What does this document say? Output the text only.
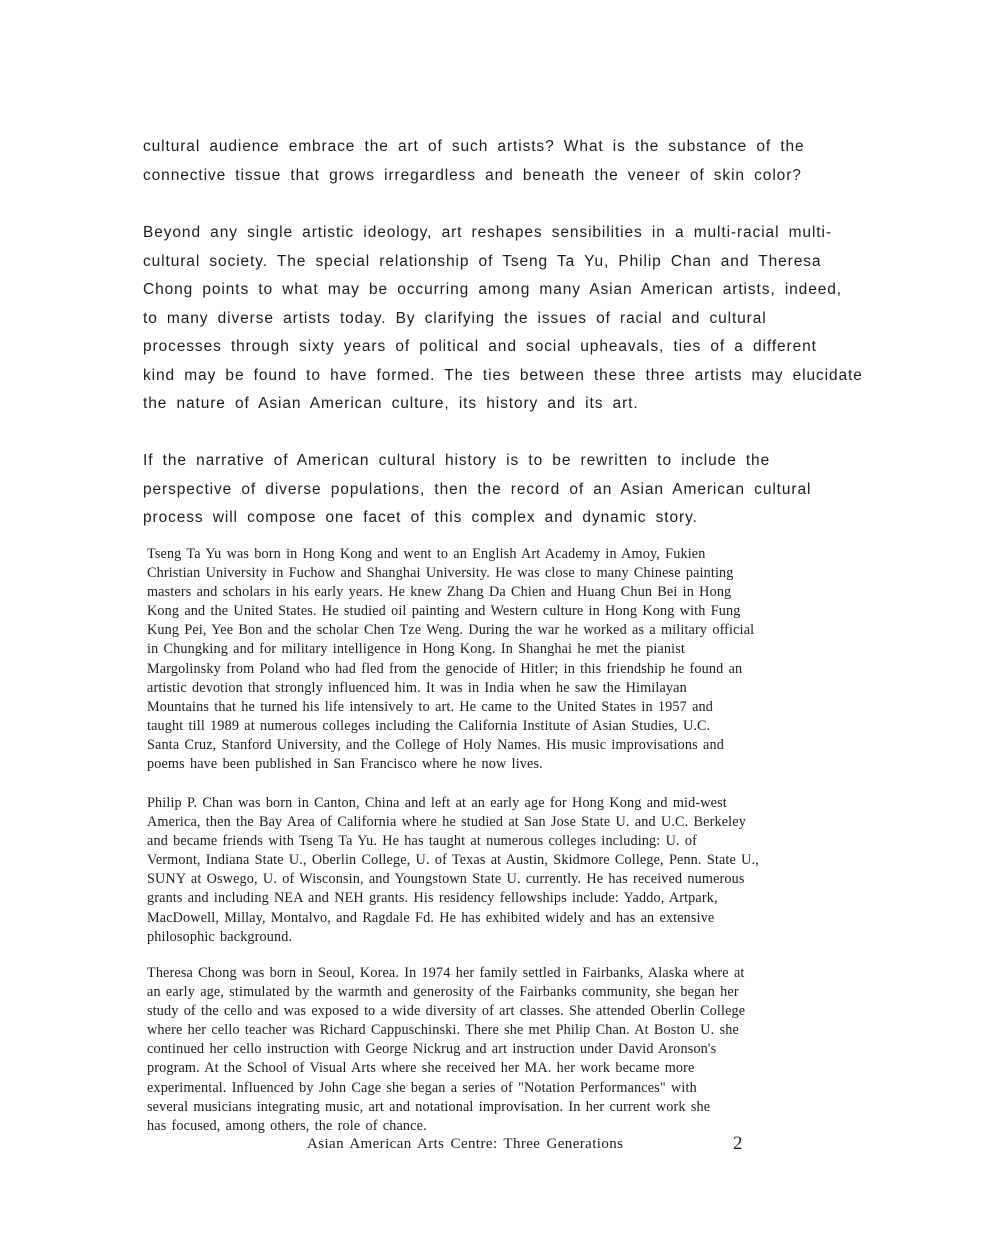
cultural audience embrace the art of such artists? What is the substance of the
connective tissue that grows irregardless and beneath the veneer of skin color?
Beyond any single artistic ideology, art reshapes sensibilities in a multi-racial multi-
cultural society. The special relationship of Tseng Ta Yu, Philip Chan and Theresa
Chong points to what may be occurring among many Asian American artists, indeed,
to many diverse artists today. By clarifying the issues of racial and cultural
processes through sixty years of political and social upheavals, ties of a different
kind may be found to have formed. The ties between these three artists may elucidate
the nature of Asian American culture, its history and its art.
If the narrative of American cultural history is to be rewritten to include the
perspective of diverse populations, then the record of an Asian American cultural
process will compose one facet of this complex and dynamic story.
Tseng Ta Yu was born in Hong Kong and went to an English Art Academy in Amoy, Fukien
Christian University in Fuchow and Shanghai University. He was close to many Chinese painting
masters and scholars in his early years. He knew Zhang Da Chien and Huang Chun Bei in Hong
Kong and the United States. He studied oil painting and Western culture in Hong Kong with Fung
Kung Pei, Yee Bon and the scholar Chen Tze Weng. During the war he worked as a military official
in Chungking and for military intelligence in Hong Kong. In Shanghai he met the pianist
Margolinsky from Poland who had fled from the genocide of Hitler; in this friendship he found an
artistic devotion that strongly influenced him. It was in India when he saw the Himilayan
Mountains that he turned his life intensively to art. He came to the United States in 1957 and
taught till 1989 at numerous colleges including the California Institute of Asian Studies, U.C.
Santa Cruz, Stanford University, and the College of Holy Names. His music improvisations and
poems have been published in San Francisco where he now lives.
Philip P. Chan was born in Canton, China and left at an early age for Hong Kong and mid-west
America, then the Bay Area of California where he studied at San Jose State U. and U.C. Berkeley
and became friends with Tseng Ta Yu. He has taught at numerous colleges including: U. of
Vermont, Indiana State U., Oberlin College, U. of Texas at Austin, Skidmore College, Penn. State U.,
SUNY at Oswego, U. of Wisconsin, and Youngstown State U. currently. He has received numerous
grants and including NEA and NEH grants. His residency fellowships include: Yaddo, Artpark,
MacDowell, Millay, Montalvo, and Ragdale Fd. He has exhibited widely and has an extensive
philosophic background.
Theresa Chong was born in Seoul, Korea. In 1974 her family settled in Fairbanks, Alaska where at
an early age, stimulated by the warmth and generosity of the Fairbanks community, she began her
study of the cello and was exposed to a wide diversity of art classes. She attended Oberlin College
where her cello teacher was Richard Cappuschinski. There she met Philip Chan. At Boston U. she
continued her cello instruction with George Nickrug and art instruction under David Aronson's
program. At the School of Visual Arts where she received her MA. her work became more
experimental. Influenced by John Cage she began a series of "Notation Performances" with
several musicians integrating music, art and notational improvisation. In her current work she
has focused, among others, the role of chance.
Asian American Arts Centre: Three Generations	2
